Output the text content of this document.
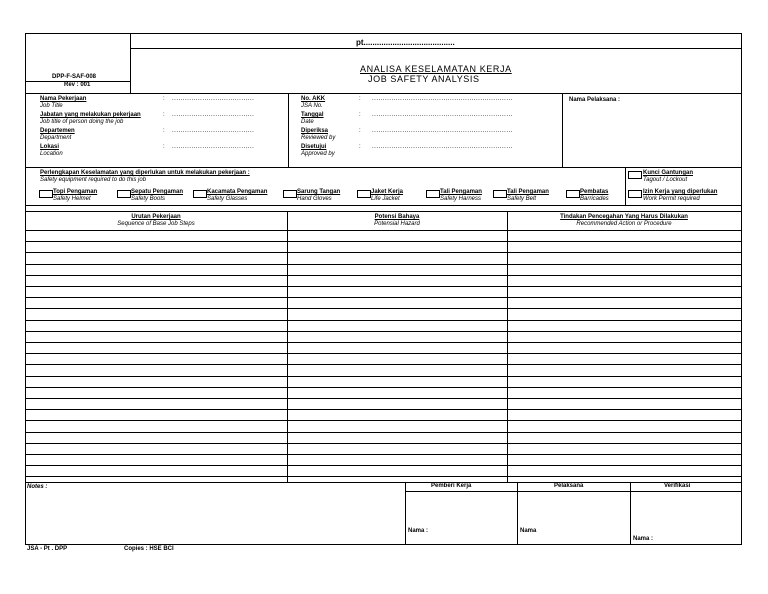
pt.........................................
DPP-F-SAF-008
Rev : 001
ANALISA KESELAMATAN KERJA
JOB SAFETY ANALYSIS
Nama Pekerjaan
Job Title
: ......................................
Jabatan yang melakukan pekerjaan
Job title of person doing the job
: ......................................
Departemen
Department
: ......................................
Lokasi
Location
: ......................................
No. AKK
JSA No.
: .................................................................
Tanggal
Date
: .................................................................
Diperiksa
Reviewed by
: .................................................................
Disetujui
Approved by
: .................................................................
Nama Pelaksana :
Perlengkapan Keselamatan yang diperlukan untuk melakukan pekerjaan :
Safety equipment required to do this job
Topi Pengaman
Safety Helmet
Sepatu Pengaman
Safety Boots
Kacamata Pengaman
Safety Glasses
Sarung Tangan
Hand Gloves
Jaket Kerja
Life Jacket
Tali Pengaman
Safety Harness
Tali Pengaman
Safety Belt
Pembatas
Barricades
Kunci Gantungan
Tagout / Lockout
Izin Kerja yang diperlukan
Work Permit required
Urutan Pekerjaan
Sequence of Base Job Steps
Potensi Bahaya
Potensial Hazard
Tindakan Pencegahan Yang Harus Dilakukan
Recommended Action or Procedure
Notes :	Pemberi Kerja	Pelaksana	Verifikasi
Nama :	Nama
Nama :
JSA - Pt . DPP	Copies : HSE BCI
